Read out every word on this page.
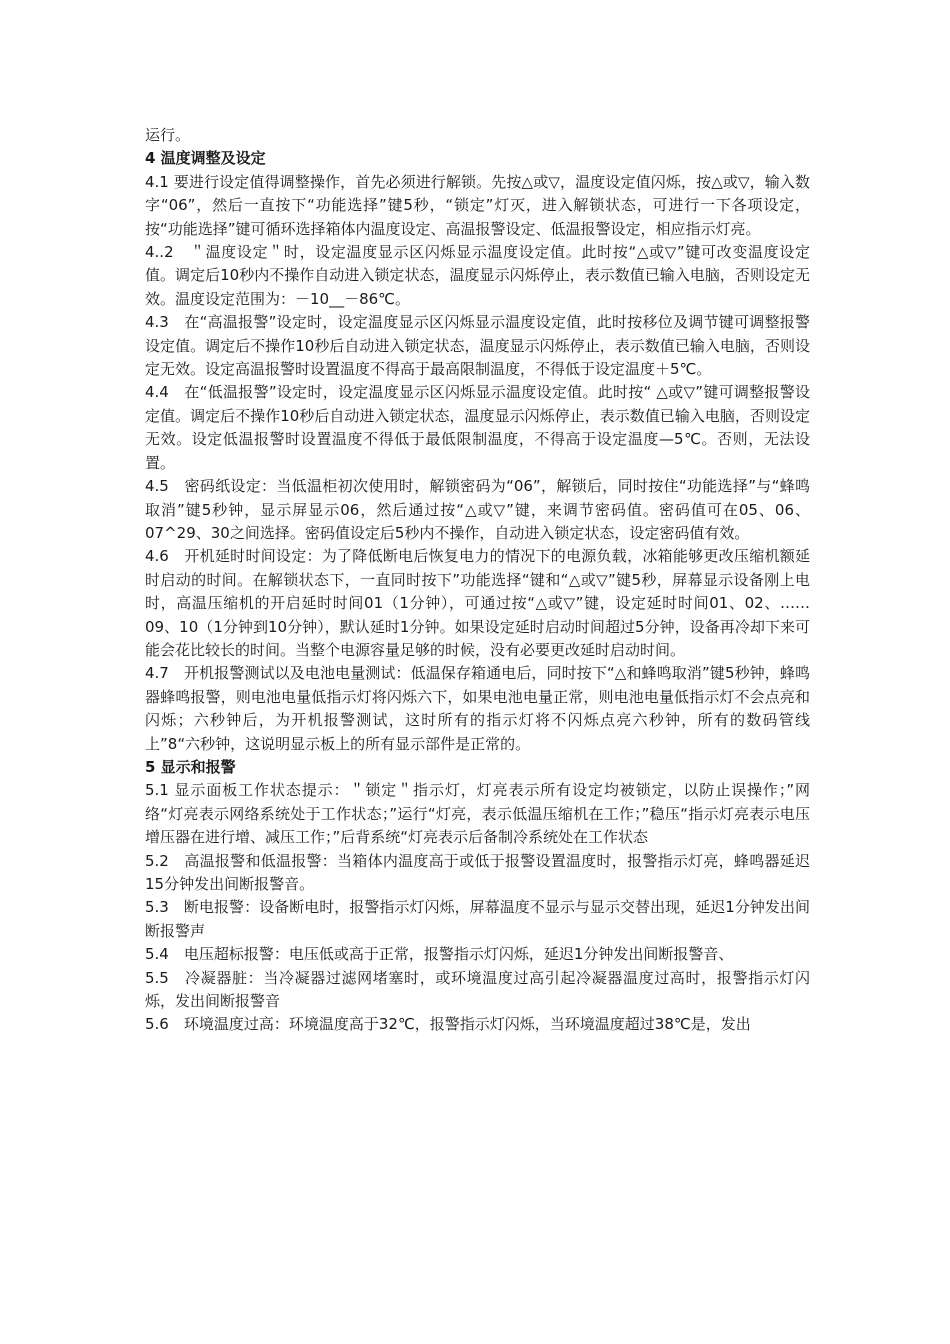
运行。

4 温度调整及设定

4.1 要进行设定值得调整操作，首先必须进行解锁。先按△或▽，温度设定值闪烁，按△或▽，输入数字“06”，然后一直按下“功能选择”键5秒，“锁定”灯灭，进入解锁状态，可进行一下各项设定，按“功能选择”键可循环选择箱体内温度设定、高温报警设定、低温报警设定，相应指示灯亮。

4..2　＂温度设定＂时，设定温度显示区闪烁显示温度设定值。此时按“△或▽”键可改变温度设定值。调定后10秒内不操作自动进入锁定状态，温度显示闪烁停止，表示数值已输入电脑，否则设定无效。温度设定范围为：－10__－86℃。

4.3　在“高温报警”设定时，设定温度显示区闪烁显示温度设定值，此时按移位及调节键可调整报警设定值。调定后不操作10秒后自动进入锁定状态，温度显示闪烁停止，表示数值已输入电脑，否则设定无效。设定高温报警时设置温度不得高于最高限制温度，不得低于设定温度＋5℃。

4.4　在“低温报警”设定时，设定温度显示区闪烁显示温度设定值。此时按“ △或▽”键可调整报警设定值。调定后不操作10秒后自动进入锁定状态，温度显示闪烁停止，表示数值已输入电脑，否则设定无效。设定低温报警时设置温度不得低于最低限制温度，不得高于设定温度—5℃。否则，无法设置。

4.5　密码纸设定：当低温柜初次使用时，解锁密码为“06”，解锁后，同时按住“功能选择”与“蜂鸣取消”键5秒钟，显示屏显示06，然后通过按“△或▽”键，来调节密码值。密码值可在05、06、07^29、30之间选择。密码值设定后5秒内不操作，自动进入锁定状态，设定密码值有效。

4.6　开机延时时间设定：为了降低断电后恢复电力的情况下的电源负载，冰箱能够更改压缩机额延时启动的时间。在解锁状态下，一直同时按下”功能选择“键和“△或▽”键5秒，屏幕显示设备刚上电时，高温压缩机的开启延时时间01（1分钟），可通过按“△或▽”键，设定延时时间01、02、……09、10（1分钟到10分钟），默认延时1分钟。如果设定延时启动时间超过5分钟，设备再冷却下来可能会花比较长的时间。当整个电源容量足够的时候，没有必要更改延时启动时间。

4.7　开机报警测试以及电池电量测试：低温保存箱通电后，同时按下“△和蜂鸣取消”键5秒钟，蜂鸣器蜂鸣报警，则电池电量低指示灯将闪烁六下，如果电池电量正常，则电池电量低指示灯不会点亮和闪烁；六秒钟后，为开机报警测试，这时所有的指示灯将不闪烁点亮六秒钟，所有的数码管线上”8“六秒钟，这说明显示板上的所有显示部件是正常的。

5 显示和报警

5.1 显示面板工作状态提示：＂锁定＂指示灯，灯亮表示所有设定均被锁定，以防止误操作；”网络“灯亮表示网络系统处于工作状态；”运行“灯亮，表示低温压缩机在工作；”稳压“指示灯亮表示电压增压器在进行增、减压工作；”后背系统“灯亮表示后备制冷系统处在工作状态

5.2　高温报警和低温报警：当箱体内温度高于或低于报警设置温度时，报警指示灯亮，蜂鸣器延迟15分钟发出间断报警音。

5.3　断电报警：设备断电时，报警指示灯闪烁，屏幕温度不显示与显示交替出现，延迟1分钟发出间断报警声

5.4　电压超标报警：电压低或高于正常，报警指示灯闪烁，延迟1分钟发出间断报警音、

5.5　冷凝器脏：当冷凝器过滤网堵塞时，或环境温度过高引起冷凝器温度过高时，报警指示灯闪烁，发出间断报警音

5.6　环境温度过高：环境温度高于32℃，报警指示灯闪烁，当环境温度超过38℃是，发出
